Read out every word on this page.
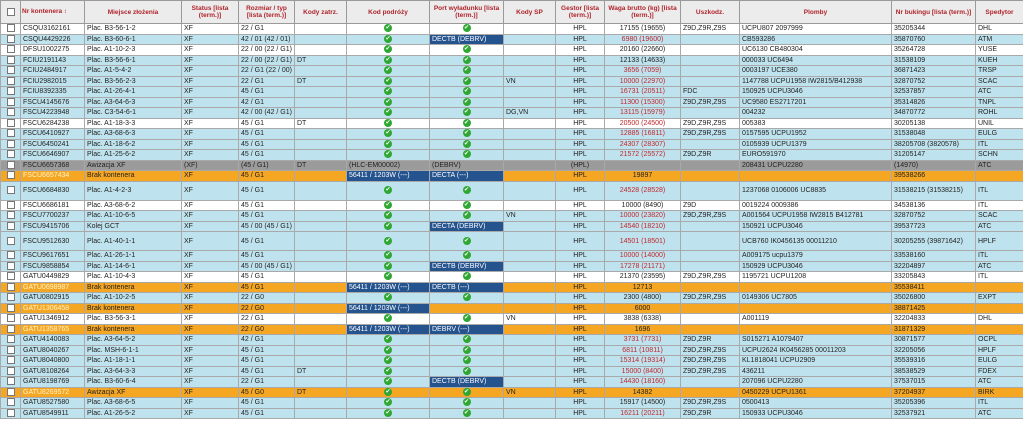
	Nr kontenera ↕	Miejsce złożenia	Status [lista (term.)]	Rozmiar / typ [lista (term.)]	Kody zatrz.	Kod podróży	Port wyładunku [lista (term.)]	Kody SP	Gestor [lista (term.)]	Waga brutto (kg) [lista (term.)]	Uszkodz.	Plomby	Nr bukingu [lista (term.)]	Spedytor
	CSQU3162161	Plac. B3-56-1-2	XF	22 / G1		✔	✔		HPL	17155 (19655)	Z9D,Z9R,Z9S	UCPU807 2097999	35205344	DHL
	CSQU4429226	Plac. B3-60-6-1	XF	42 / 01 (42 / 01)		✔	DECTB (DEBRV)		HPL	6980 (19600)		CB593286	35870760	ATM
	DFSU1002275	Plac. A1-10-2-3	XF	22 / 00 (22 / G1)		✔	✔		HPL	20160 (22660)		UC6130 CB480304	35264728	YUSE
	FCIU2191143	Plac. B3-56-6-1	XF	22 / 00 (22 / G1)	DT	✔	✔		HPL	12133 (14633)		000033 UC6494	31538109	KUEH
	FCIU2484917	Plac. A1-5-4-2	XF	22 / G1 (22 / 00)		✔	✔		HPL	3656 (7059)		0003197 UCE380	36871423	TRSP
	FCIU2982015	Plac. B3-56-2-3	XF	22 / G1	DT	✔	✔	VN	HPL	10000 (22970)		1147788 UCPU1958 IW2815/B412938	32870752	SCAC
	FCIU8392335	Plac. A1-26-4-1	XF	45 / G1		✔	✔		HPL	16731 (20511)	FDC	150925 UCPU3046	32537857	ATC
	FSCU4145676	Plac. A3-64-6-3	XF	42 / G1		✔	✔		HPL	11300 (15300)	Z9D,Z9R,Z9S	UC9580 ES2717201	35314826	TNPL
	FSCU4223948	Plac. C3-54-6-1	XF	42 / 00 (42 / G1)		✔	✔	DG,VN	HPL	13115 (15979)		004232	34870772	ROHL
	FSCU6284238	Plac. A1-18-3-3	XF	45 / G1	DT	✔	✔		HPL	20500 (24500)	Z9D,Z9R,Z9S	005383	30205138	UNIL
	FSCU6410927	Plac. A3-68-6-3	XF	45 / G1		✔	✔		HPL	12885 (16811)	Z9D,Z9R,Z9S	0157595 UCPU1952	31538048	EULG
	FSCU6450241	Plac. A1-18-6-2	XF	45 / G1		✔	✔		HPL	24307 (28307)		0105939 UCPU1379	38205708 (3820578)	ITL
	FSCU6646907	Plac. A1-25-6-2	XF	45 / G1		✔	✔		HPL	21572 (25572)	Z9D,Z9R	EURO591970	31205147	SCHN
	FSCU6657368	Awizacja XF	(XF)	(45 / G1)	DT	(HLC-EM00002)	(DEBRV)		(HPL)			208431 UCPU2280	(14970)	ATC
	FSCU6657434	Brak kontenera	XF	45 / G1		56411 / 1203W (---)	DECTA (---)		HPL	19897			39538266	
	FSCU6684830	Plac. A1-4-2-3	XF	45 / G1		✔	✔		HPL	24528 (28528)		1237068 0106006 UC8835	31538215 (31538215)	ITL
	FSCU6686181	Plac. A3-68-6-2	XF	45 / G1		✔	✔		HPL	10000 (8490)	Z9D	0019224 0009386	34538136	ITL
	FSCU7700237	Plac. A1-10-6-5	XF	45 / G1		✔	✔	VN	HPL	10000 (23820)	Z9D,Z9R,Z9S	A001564 UCPU1958 IW2815 B412781	32870752	SCAC
	FSCU9415706	Kolej GCT	XF	45 / 00 (45 / G1)		✔	DECTA (DEBRV)		HPL	14540 (18210)		150921 UCPU3046	39537723	ATC
	FSCU9512630	Plac. A1-40-1-1	XF	45 / G1		✔	✔		HPL	14501 (18501)		UCB760 IK0456135 00011210	30205255 (39871642)	HPLF
	FSCU9617651	Plac. A1-26-1-1	XF	45 / G1		✔	✔		HPL	10000 (14000)		A009175 ucpu1379	33538160	ITL
	FSCU9858854	Plac. A1-14-6-1	XF	45 / 00 (45 / G1)		✔	DECTB (DEBRV)		HPL	17278 (21171)		150929 UCPU3046	32204897	ATC
	GATU0449829	Plac. A1-10-4-3	XF	45 / G1		✔	✔		HPL	21370 (23595)	Z9D,Z9R,Z9S	1195721 UCPU1208	33205843	ITL
	GATU0698987	Brak kontenera	XF	45 / G1		56411 / 1203W (---)	DECTB (---)		HPL	12713			35538411	
	GATU0802915	Plac. A1-10-2-5	XF	22 / G0		✔	✔		HPL	2300 (4800)	Z9D,Z9R,Z9S	0149306 UC7805	35026800	EXPT
	GATU1306458	Brak kontenera	XF	22 / G0		56411 / 1203W (---)			HPL	6000			38871425	
	GATU1346912	Plac. B3-56-3-1	XF	22 / G1		✔	✔	VN	HPL	3838 (6338)		A001119	32204833	DHL
	GATU1358765	Brak kontenera	XF	22 / G0		56411 / 1203W (---)	DEBRV (---)		HPL	1696			31871329	
	GATU4140083	Plac. A3-64-5-2	XF	42 / G1		✔	✔		HPL	3731 (7731)	Z9D,Z9R	S015271 A1079407	30871577	OCPL
	GATU8040267	Plac. MSH-6-1-1	XF	45 / G1		✔	✔		HPL	6811 (10811)	Z9D,Z9R,Z9S	UCPU2624 IK0456285 00011203	32205056	HPLF
	GATU8040800	Plac. A1-18-1-1	XF	45 / G1		✔	✔		HPL	15314 (19314)	Z9D,Z9R,Z9S	KL1818041 UCPU2909	35539316	EULG
	GATU8108264	Plac. A3-64-3-3	XF	45 / G1	DT	✔	✔		HPL	15000 (8400)	Z9D,Z9R,Z9S	436211	38538529	FDEX
	GATU8198769	Plac. B3-60-6-4	XF	22 / G1		✔	DECTB (DEBRV)		HPL	14430 (18160)		207096 UCPU2280	37537015	ATC
	GATU8269572	Awizacja XF	XF	45 / G0	DT	✔	✔	VN	HPL	14382		0450229 UCPU1361	37204937	BIRK
	GATU8527580	Plac. A3-68-6-5	XF	45 / G1		✔	✔		HPL	15917 (14500)	Z9D,Z9R,Z9S	0500413	35205396	ITL
	GATU8549911	Plac. A1-26-5-2	XF	45 / G1		✔	✔		HPL	16211 (20211)	Z9D,Z9R	150933 UCPU3046	32537921	ATC
